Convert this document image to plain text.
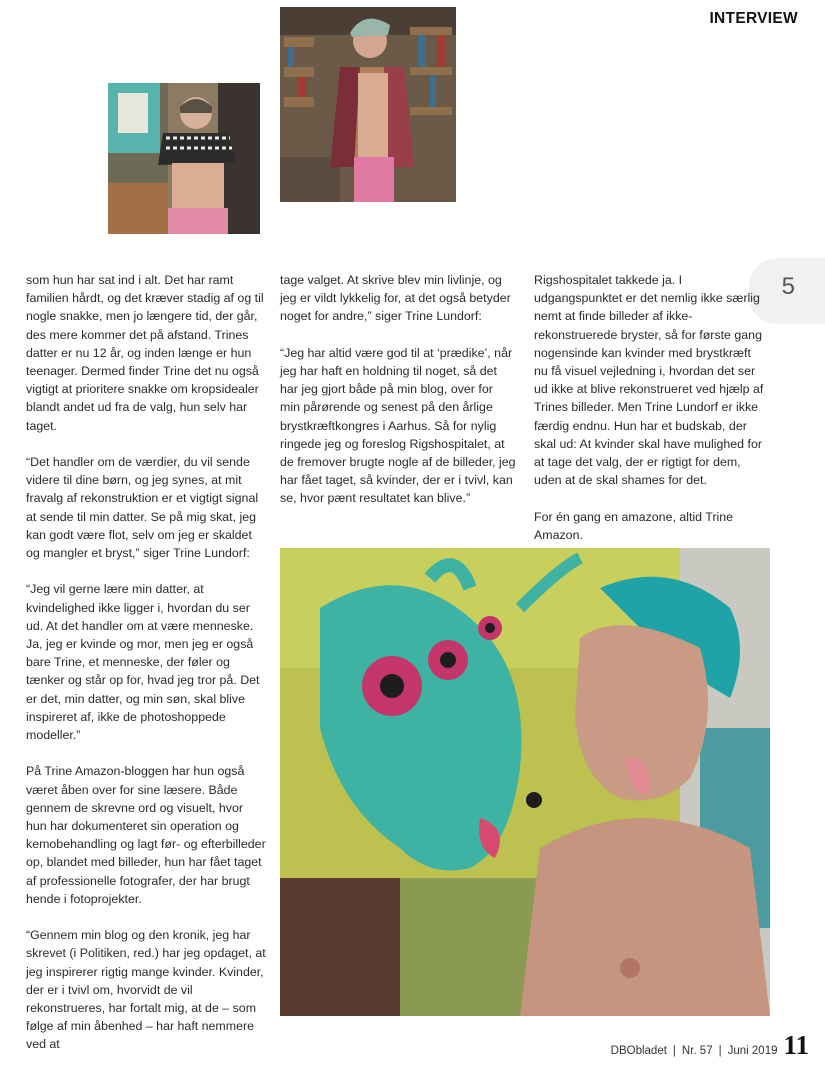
INTERVIEW
5

som hun har sat ind i alt. Det har ramt familien hårdt, og det kræver stadig af og til nogle snakke, men jo længere tid, der går, des mere kommer det på afstand. Trines datter er nu 12 år, og inden længe er hun teenager. Dermed finder Trine det nu også vigtigt at prioritere snakke om kropsidealer blandt andet ud fra de valg, hun selv har taget.

“Det handler om de værdier, du vil sende videre til dine børn, og jeg synes, at mit fravalg af rekonstruktion er et vigtigt signal at sende til min datter. Se på mig skat, jeg kan godt være flot, selv om jeg er skaldet og mangler et bryst,” siger Trine Lundorf:

“Jeg vil gerne lære min datter, at kvindelighed ikke ligger i, hvordan du ser ud. At det handler om at være menneske. Ja, jeg er kvinde og mor, men jeg er også bare Trine, et menneske, der føler og tænker og står op for, hvad jeg tror på. Det er det, min datter, og min søn, skal blive inspireret af, ikke de photoshoppede modeller.”

På Trine Amazon-bloggen har hun også været åben over for sine læsere. Både gennem de skrevne ord og visuelt, hvor hun har dokumenteret sin operation og kemobehandling og lagt før- og efterbilleder op, blandet med billeder, hun har fået taget af professionelle fotografer, der har brugt hende i fotoprojekter.

“Gennem min blog og den kronik, jeg har skrevet (i Politiken, red.) har jeg opdaget, at jeg inspirerer rigtig mange kvinder. Kvinder, der er i tvivl om, hvorvidt de vil rekonstrueres, har fortalt mig, at de – som følge af min åbenhed – har haft nemmere ved at

tage valget. At skrive blev min livlinje, og jeg er vildt lykkelig for, at det også betyder noget for andre,” siger Trine Lundorf:

“Jeg har altid være god til at ‘prædike’, når jeg har haft en holdning til noget, så det har jeg gjort både på min blog, over for min pårørende og senest på den årlige brystkræftkongres i Aarhus. Så for nylig ringede jeg og foreslog Rigshospitalet, at de fremover brugte nogle af de billeder, jeg har fået taget, så kvinder, der er i tvivl, kan se, hvor pænt resultatet kan blive.”

Rigshospitalet takkede ja. I udgangspunktet er det nemlig ikke særlig nemt at finde billeder af ikke-rekonstruerede bryster, så for første gang nogensinde kan kvinder med brystkræft nu få visuel vejledning i, hvordan det ser ud ikke at blive rekonstrueret ved hjælp af Trines billeder. Men Trine Lundorf er ikke færdig endnu. Hun har et budskab, der skal ud: At kvinder skal have mulighed for at tage det valg, der er rigtigt for dem, uden at de skal shames for det.

For én gang en amazone, altid Trine Amazon.

DBObladet | Nr. 57 | Juni 2019 11
